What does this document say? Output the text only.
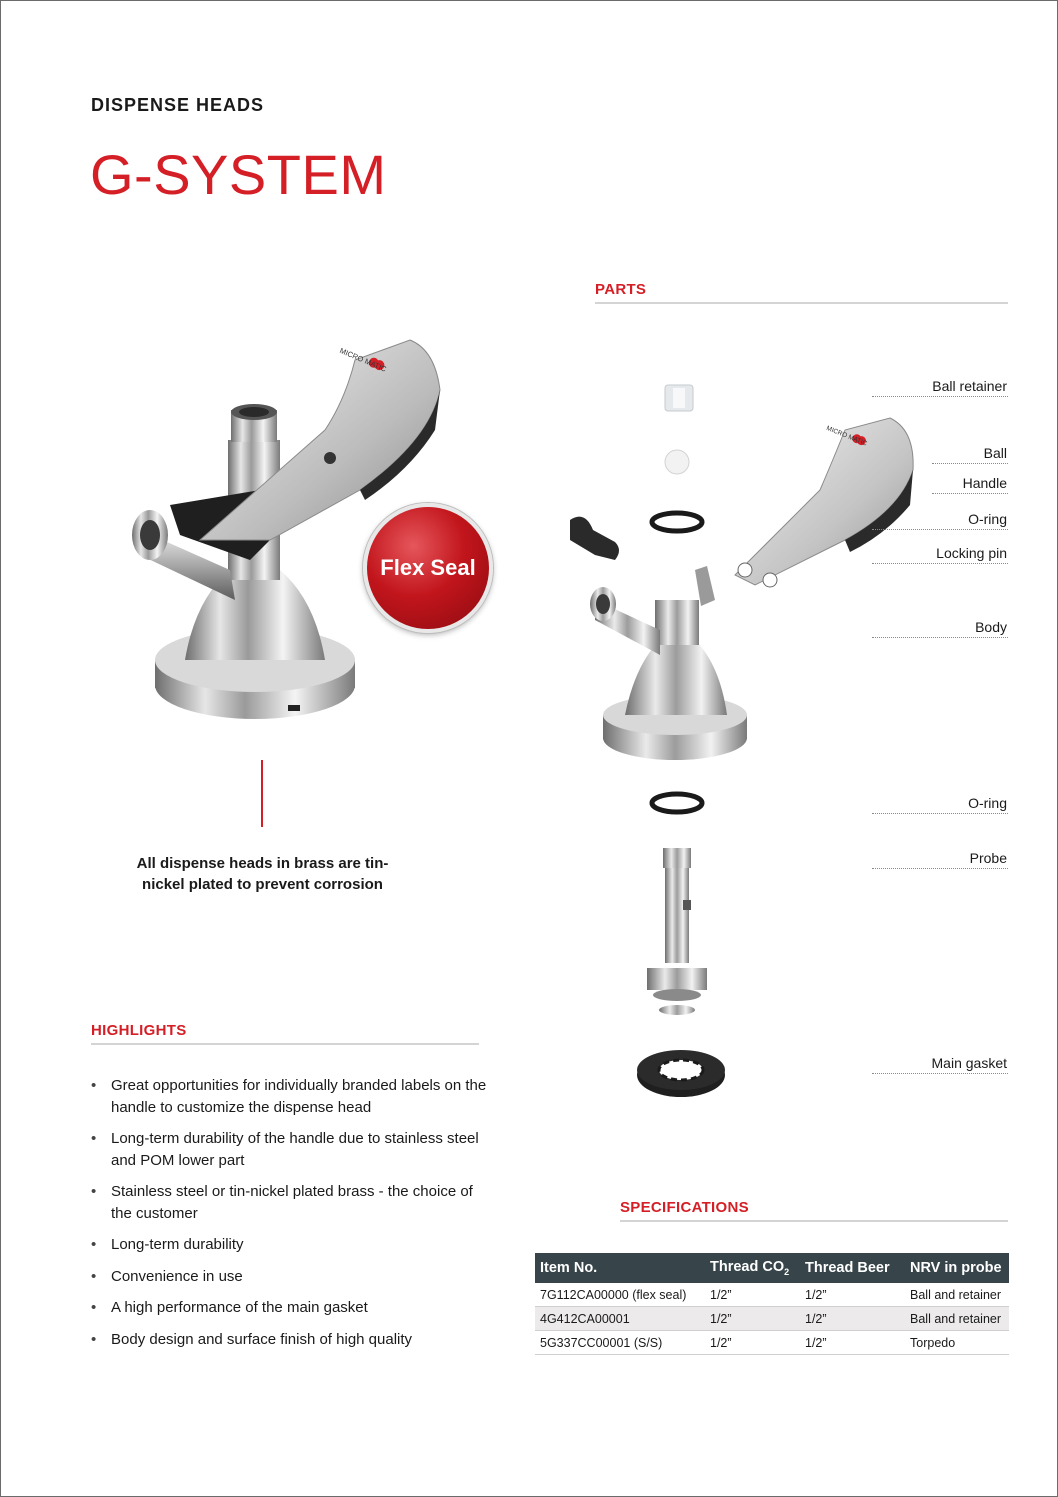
DISPENSE HEADS
G-SYSTEM
MICRO MATIC
Flex Seal
All dispense heads in brass are tin-nickel plated to prevent corrosion
PARTS
MICRO MATIC
Ball retainer
Ball
Handle
O-ring
Locking pin
Body
O-ring
Probe
Main gasket
HIGHLIGHTS
• Great opportunities for individually branded labels on the handle to customize the dispense head
• Long-term durability of the handle due to stainless steel and POM lower part
• Stainless steel or tin-nickel plated brass - the choice of the customer
• Long-term durability
• Convenience in use
• A high performance of the main gasket
• Body design and surface finish of high quality
SPECIFICATIONS
Item No.	Thread $CO_2$	Thread Beer	NRV in probe
7G112CA00000 (flex seal)	1/2”	1/2”	Ball and retainer
4G412CA00001	1/2”	1/2”	Ball and retainer
5G337CC00001 (S/S)	1/2”	1/2”	Torpedo
